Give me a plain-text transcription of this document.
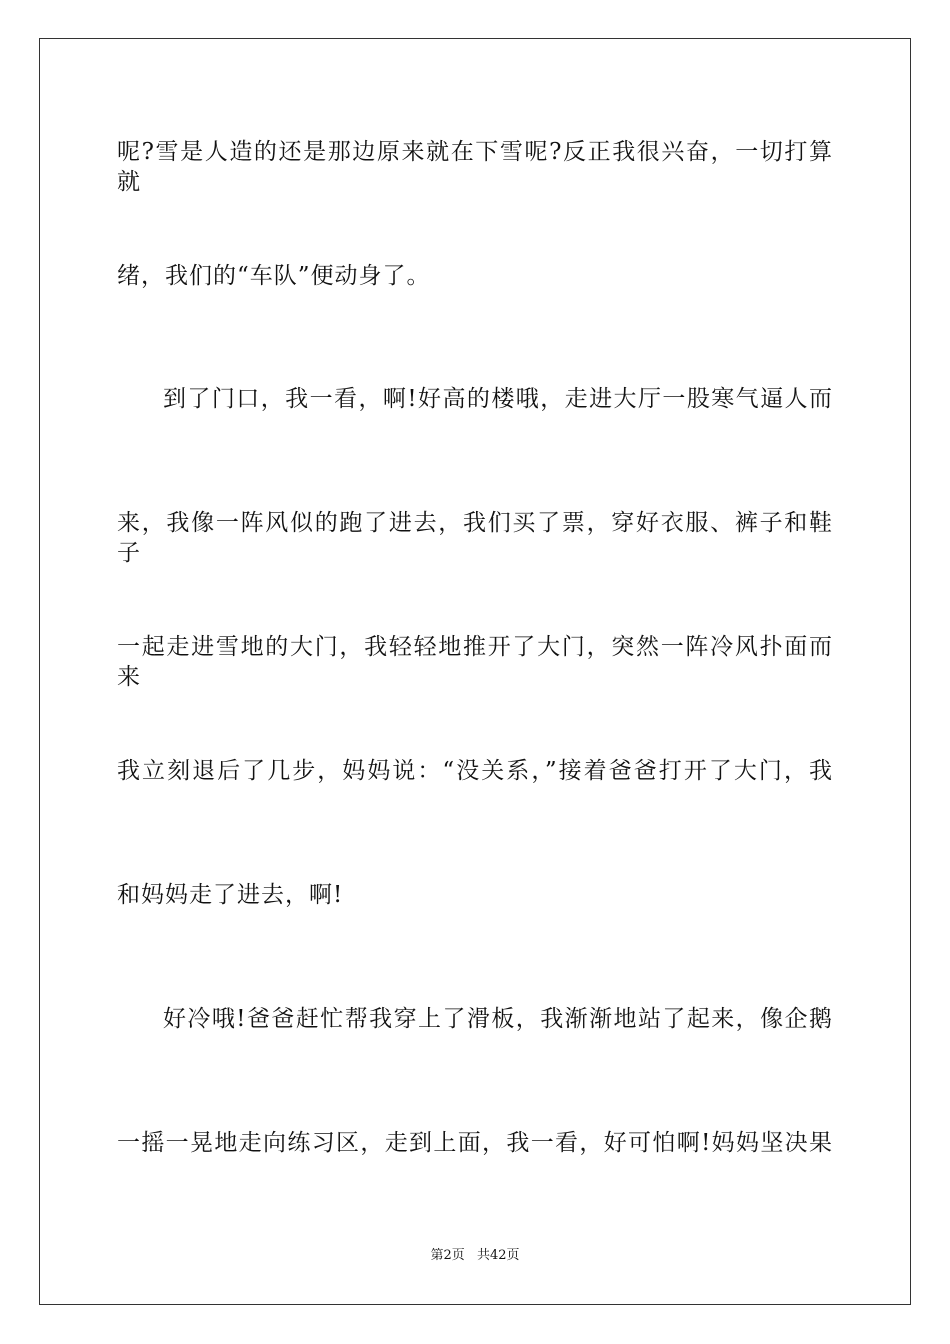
呢?雪是人造的还是那边原来就在下雪呢?反正我很兴奋，一切打算就
绪，我们的“车队”便动身了。
到了门口，我一看，啊!好高的楼哦，走进大厅一股寒气逼人而
来，我像一阵风似的跑了进去，我们买了票，穿好衣服、裤子和鞋子
一起走进雪地的大门，我轻轻地推开了大门，突然一阵冷风扑面而来
我立刻退后了几步，妈妈说：“没关系，”接着爸爸打开了大门，我
和妈妈走了进去，啊!
好冷哦!爸爸赶忙帮我穿上了滑板，我渐渐地站了起来，像企鹅
一摇一晃地走向练习区，走到上面，我一看，好可怕啊!妈妈坚决果
第2页 共42页
